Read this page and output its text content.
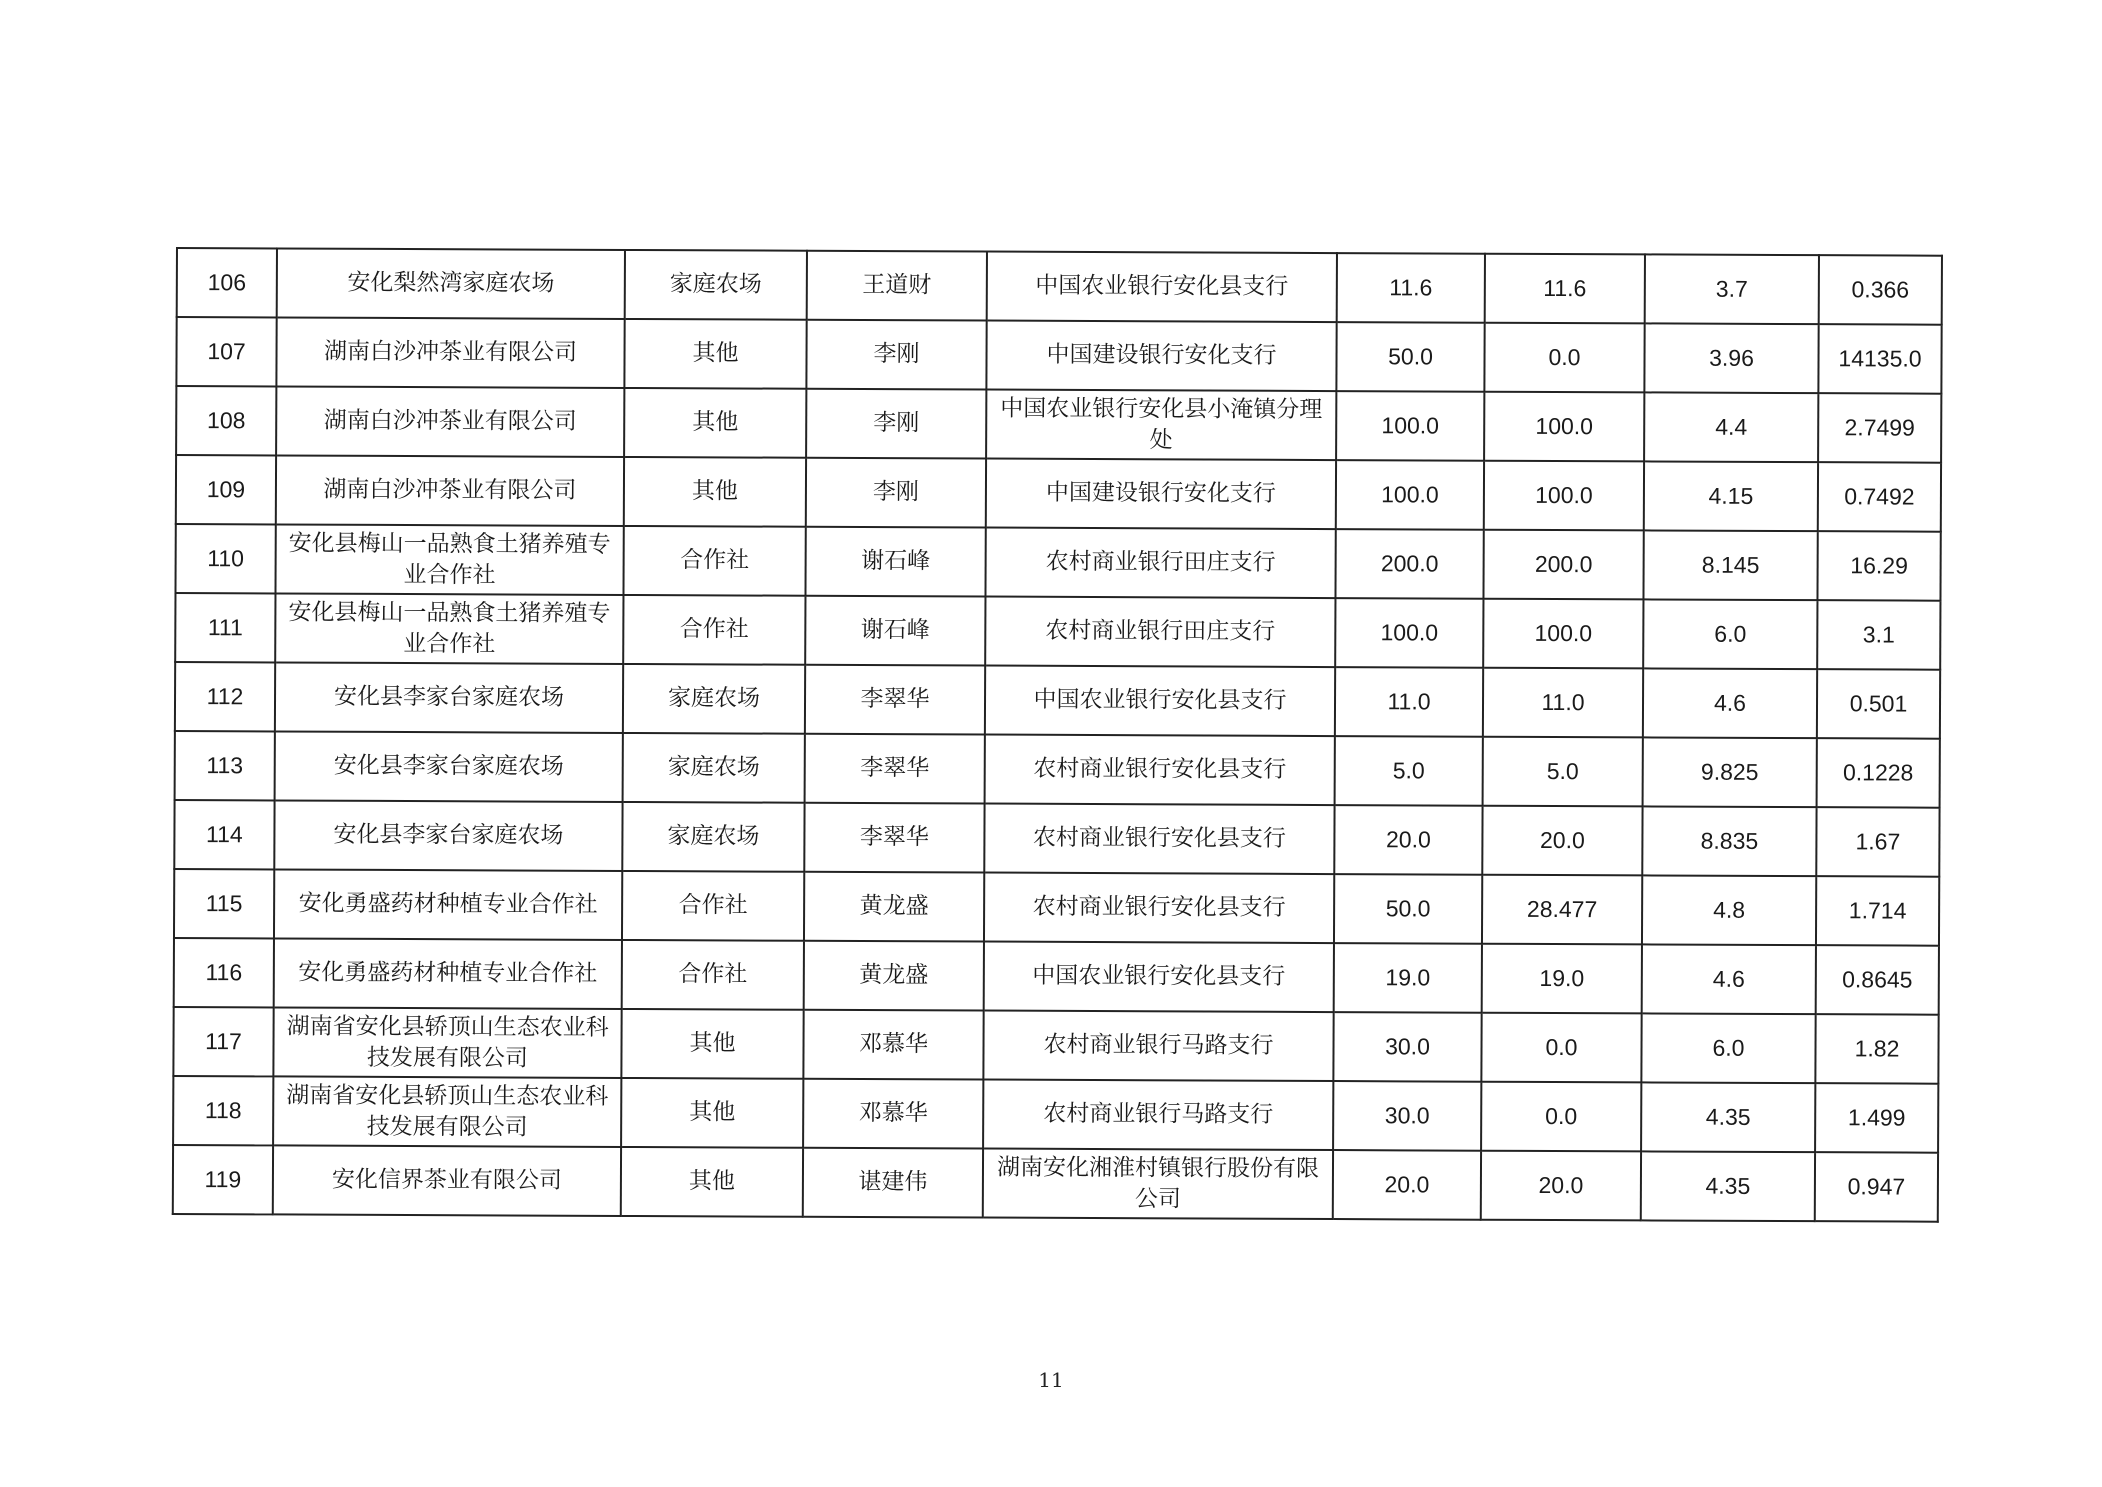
106	安化梨然湾家庭农场	家庭农场	王道财	中国农业银行安化县支行	11.6	11.6	3.7	0.366
107	湖南白沙冲茶业有限公司	其他	李刚	中国建设银行安化支行	50.0	0.0	3.96	14135.0
108	湖南白沙冲茶业有限公司	其他	李刚	中国农业银行安化县小淹镇分理处	100.0	100.0	4.4	2.7499
109	湖南白沙冲茶业有限公司	其他	李刚	中国建设银行安化支行	100.0	100.0	4.15	0.7492
110	安化县梅山一品熟食土猪养殖专业合作社	合作社	谢石峰	农村商业银行田庄支行	200.0	200.0	8.145	16.29
111	安化县梅山一品熟食土猪养殖专业合作社	合作社	谢石峰	农村商业银行田庄支行	100.0	100.0	6.0	3.1
112	安化县李家台家庭农场	家庭农场	李翠华	中国农业银行安化县支行	11.0	11.0	4.6	0.501
113	安化县李家台家庭农场	家庭农场	李翠华	农村商业银行安化县支行	5.0	5.0	9.825	0.1228
114	安化县李家台家庭农场	家庭农场	李翠华	农村商业银行安化县支行	20.0	20.0	8.835	1.67
115	安化勇盛药材种植专业合作社	合作社	黄龙盛	农村商业银行安化县支行	50.0	28.477	4.8	1.714
116	安化勇盛药材种植专业合作社	合作社	黄龙盛	中国农业银行安化县支行	19.0	19.0	4.6	0.8645
117	湖南省安化县轿顶山生态农业科技发展有限公司	其他	邓慕华	农村商业银行马路支行	30.0	0.0	6.0	1.82
118	湖南省安化县轿顶山生态农业科技发展有限公司	其他	邓慕华	农村商业银行马路支行	30.0	0.0	4.35	1.499
119	安化信界茶业有限公司	其他	谌建伟	湖南安化湘淮村镇银行股份有限公司	20.0	20.0	4.35	0.947
11
